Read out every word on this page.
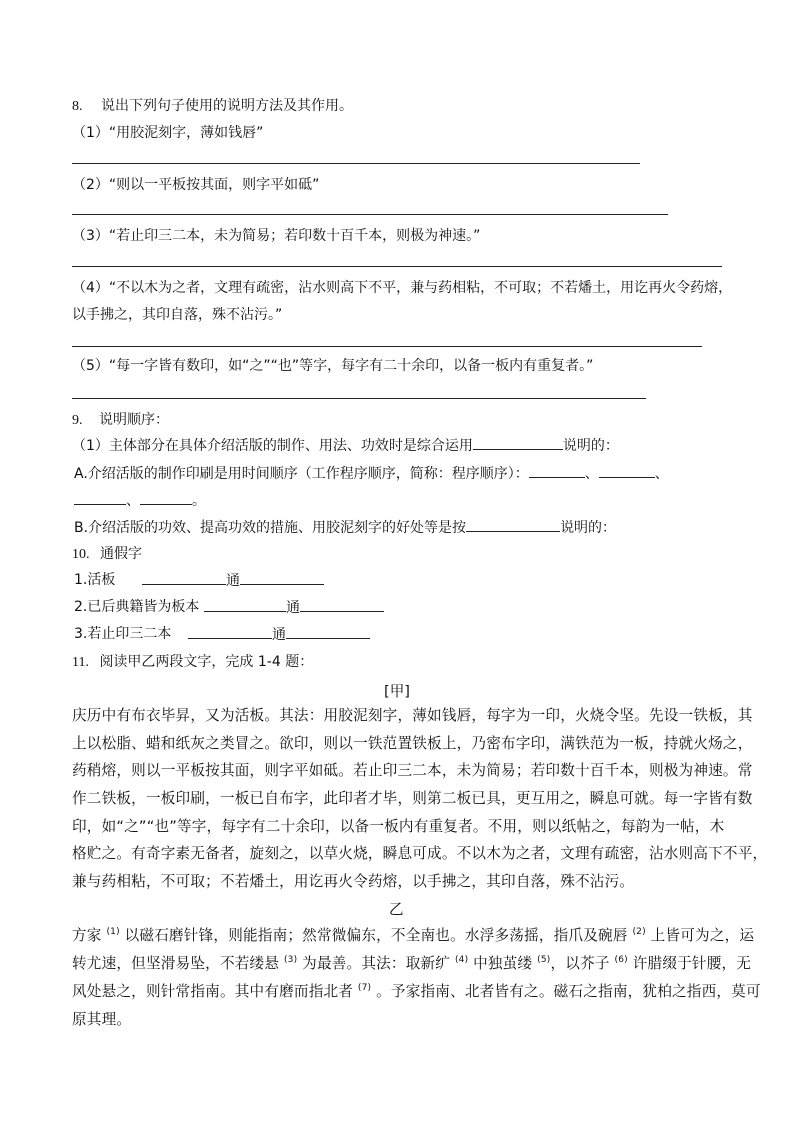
8. 说出下列句子使用的说明方法及其作用。
（1）“用胶泥刻字，薄如钱唇”
（2）“则以一平板按其面，则字平如砥”
（3）“若止印三二本，未为简易；若印数十百千本，则极为神速。”
（4）“不以木为之者，文理有疏密，沾水则高下不平，兼与药相粘，不可取；不若燔土，用讫再火令药熔，
以手拂之，其印自落，殊不沾污。”
（5）“每一字皆有数印，如“之”“也”等字，每字有二十余印，以备一板内有重复者。”
9. 说明顺序：
（1）主体部分在具体介绍活版的制作、用法、功效时是综合运用	说明的：
A.介绍活版的制作印刷是用时间顺序（工作程序顺序，简称：程序顺序）：	、	、
、	。
B.介绍活版的功效、提高功效的措施、用胶泥刻字的好处等是按	说明的：
10. 通假字
1.活板	通
2.已后典籍皆为板本	通
3.若止印三二本	通
11. 阅读甲乙两段文字，完成 1-4 题：
[甲]
庆历中有布衣毕昇，又为活板。其法：用胶泥刻字，薄如钱唇，每字为一印，火烧令坚。先设一铁板，其
上以松脂、蜡和纸灰之类冒之。欲印，则以一铁范置铁板上，乃密布字印，满铁范为一板，持就火炀之，
药稍熔，则以一平板按其面，则字平如砥。若止印三二本，未为简易；若印数十百千本，则极为神速。常
作二铁板，一板印刷，一板已自布字，此印者才毕，则第二板已具，更互用之，瞬息可就。每一字皆有数
印，如“之”“也”等字，每字有二十余印，以备一板内有重复者。不用，则以纸帖之，每韵为一帖，木
格贮之。有奇字素无备者，旋刻之，以草火烧，瞬息可成。不以木为之者，文理有疏密，沾水则高下不平，
兼与药相粘，不可取；不若燔土，用讫再火令药熔，以手拂之，其印自落，殊不沾污。
乙
方家 $^{(1)}$ 以磁石磨针锋，则能指南；然常微偏东，不全南也。水浮多荡摇，指爪及碗唇 $^{(2)}$ 上皆可为之，运
转尤速，但坚滑易坠，不若缕悬 $^{(3)}$ 为最善。其法：取新纩 $^{(4)}$ 中独茧缕 $^{(5)}$，以芥子 $^{(6)}$ 许腊缀于针腰，无
风处悬之，则针常指南。其中有磨而指北者 $^{(7)}$ 。予家指南、北者皆有之。磁石之指南，犹柏之指西，莫可
原其理。
